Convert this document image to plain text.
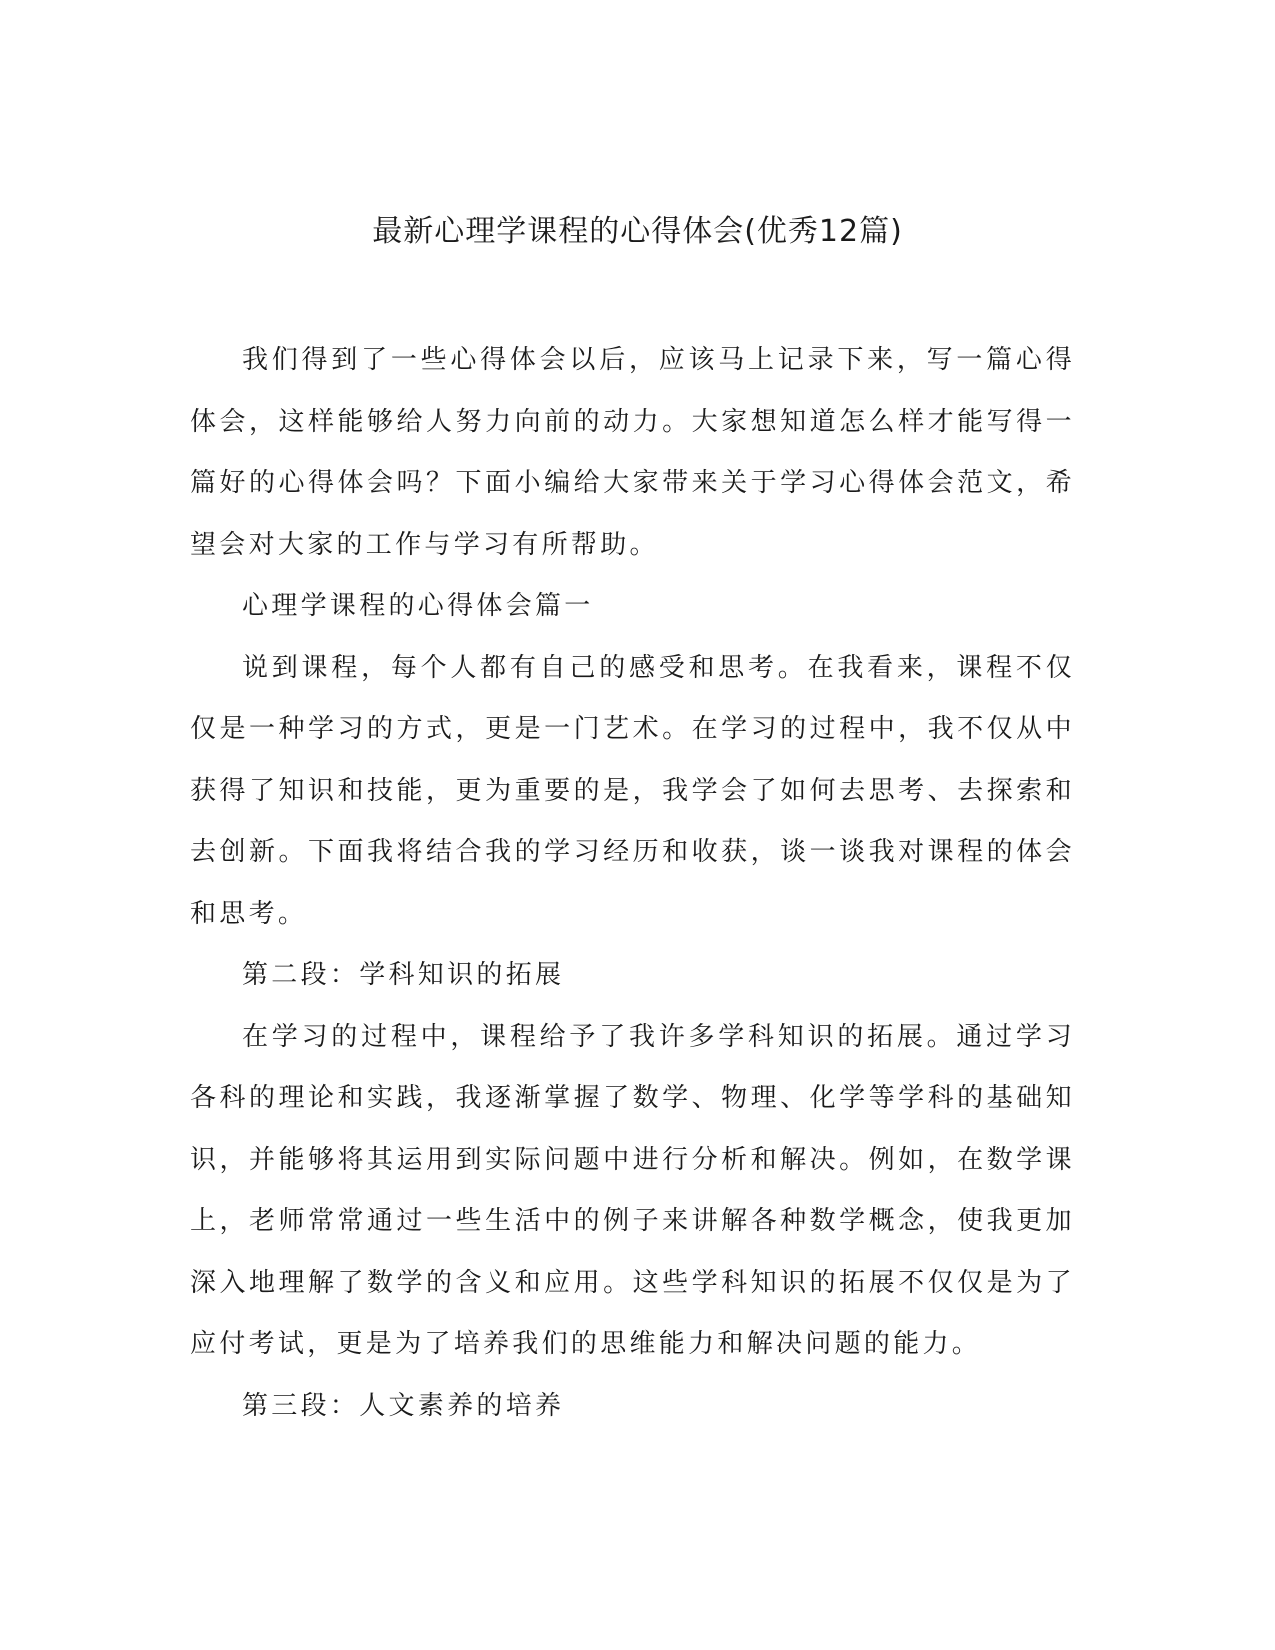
最新心理学课程的心得体会(优秀12篇)

我们得到了一些心得体会以后，应该马上记录下来，写一篇心得体会，这样能够给人努力向前的动力。大家想知道怎么样才能写得一篇好的心得体会吗？下面小编给大家带来关于学习心得体会范文，希望会对大家的工作与学习有所帮助。

心理学课程的心得体会篇一

说到课程，每个人都有自己的感受和思考。在我看来，课程不仅仅是一种学习的方式，更是一门艺术。在学习的过程中，我不仅从中获得了知识和技能，更为重要的是，我学会了如何去思考、去探索和去创新。下面我将结合我的学习经历和收获，谈一谈我对课程的体会和思考。

第二段：学科知识的拓展

在学习的过程中，课程给予了我许多学科知识的拓展。通过学习各科的理论和实践，我逐渐掌握了数学、物理、化学等学科的基础知识，并能够将其运用到实际问题中进行分析和解决。例如，在数学课上，老师常常通过一些生活中的例子来讲解各种数学概念，使我更加深入地理解了数学的含义和应用。这些学科知识的拓展不仅仅是为了应付考试，更是为了培养我们的思维能力和解决问题的能力。

第三段：人文素养的培养
